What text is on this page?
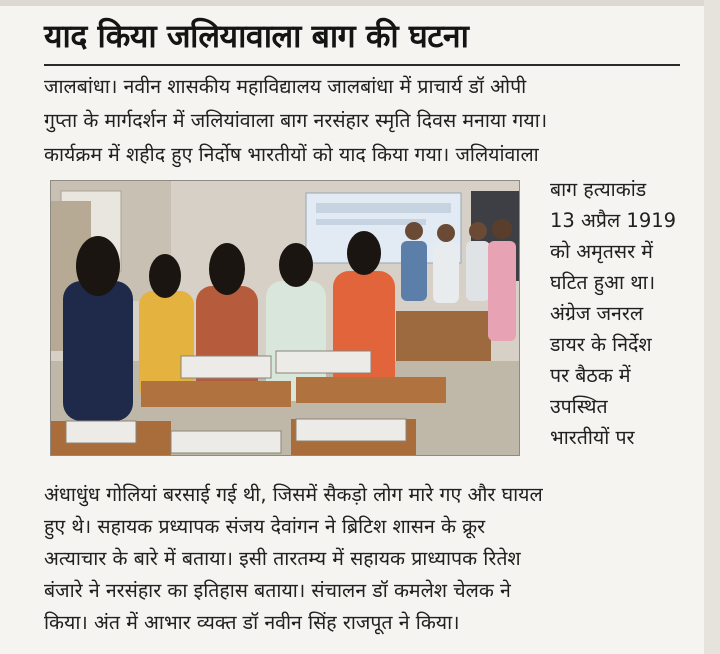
याद किया जलियावाला बाग की घटना
जालबांधा। नवीन शासकीय महाविद्यालय जालबांधा में प्राचार्य डॉ ओपी
गुप्ता के मार्गदर्शन में जलियांवाला बाग नरसंहार स्मृति दिवस मनाया गया।
कार्यक्रम में शहीद हुए निर्दोष भारतीयों को याद किया गया। जलियांवाला
बाग हत्याकांड
13 अप्रैल 1919
को अमृतसर में
घटित हुआ था।
अंग्रेज जनरल
डायर के निर्देश
पर बैठक में
उपस्थित
भारतीयों पर
अंधाधुंध गोलियां बरसाई गई थी, जिसमें सैकड़ो लोग मारे गए और घायल
हुए थे। सहायक प्रध्यापक संजय देवांगन ने ब्रिटिश शासन के क्रूर
अत्याचार के बारे में बताया। इसी तारतम्य में सहायक प्राध्यापक रितेश
बंजारे ने नरसंहार का इतिहास बताया। संचालन डॉ कमलेश चेलक ने
किया। अंत में आभार व्यक्त डॉ नवीन सिंह राजपूत ने किया।
